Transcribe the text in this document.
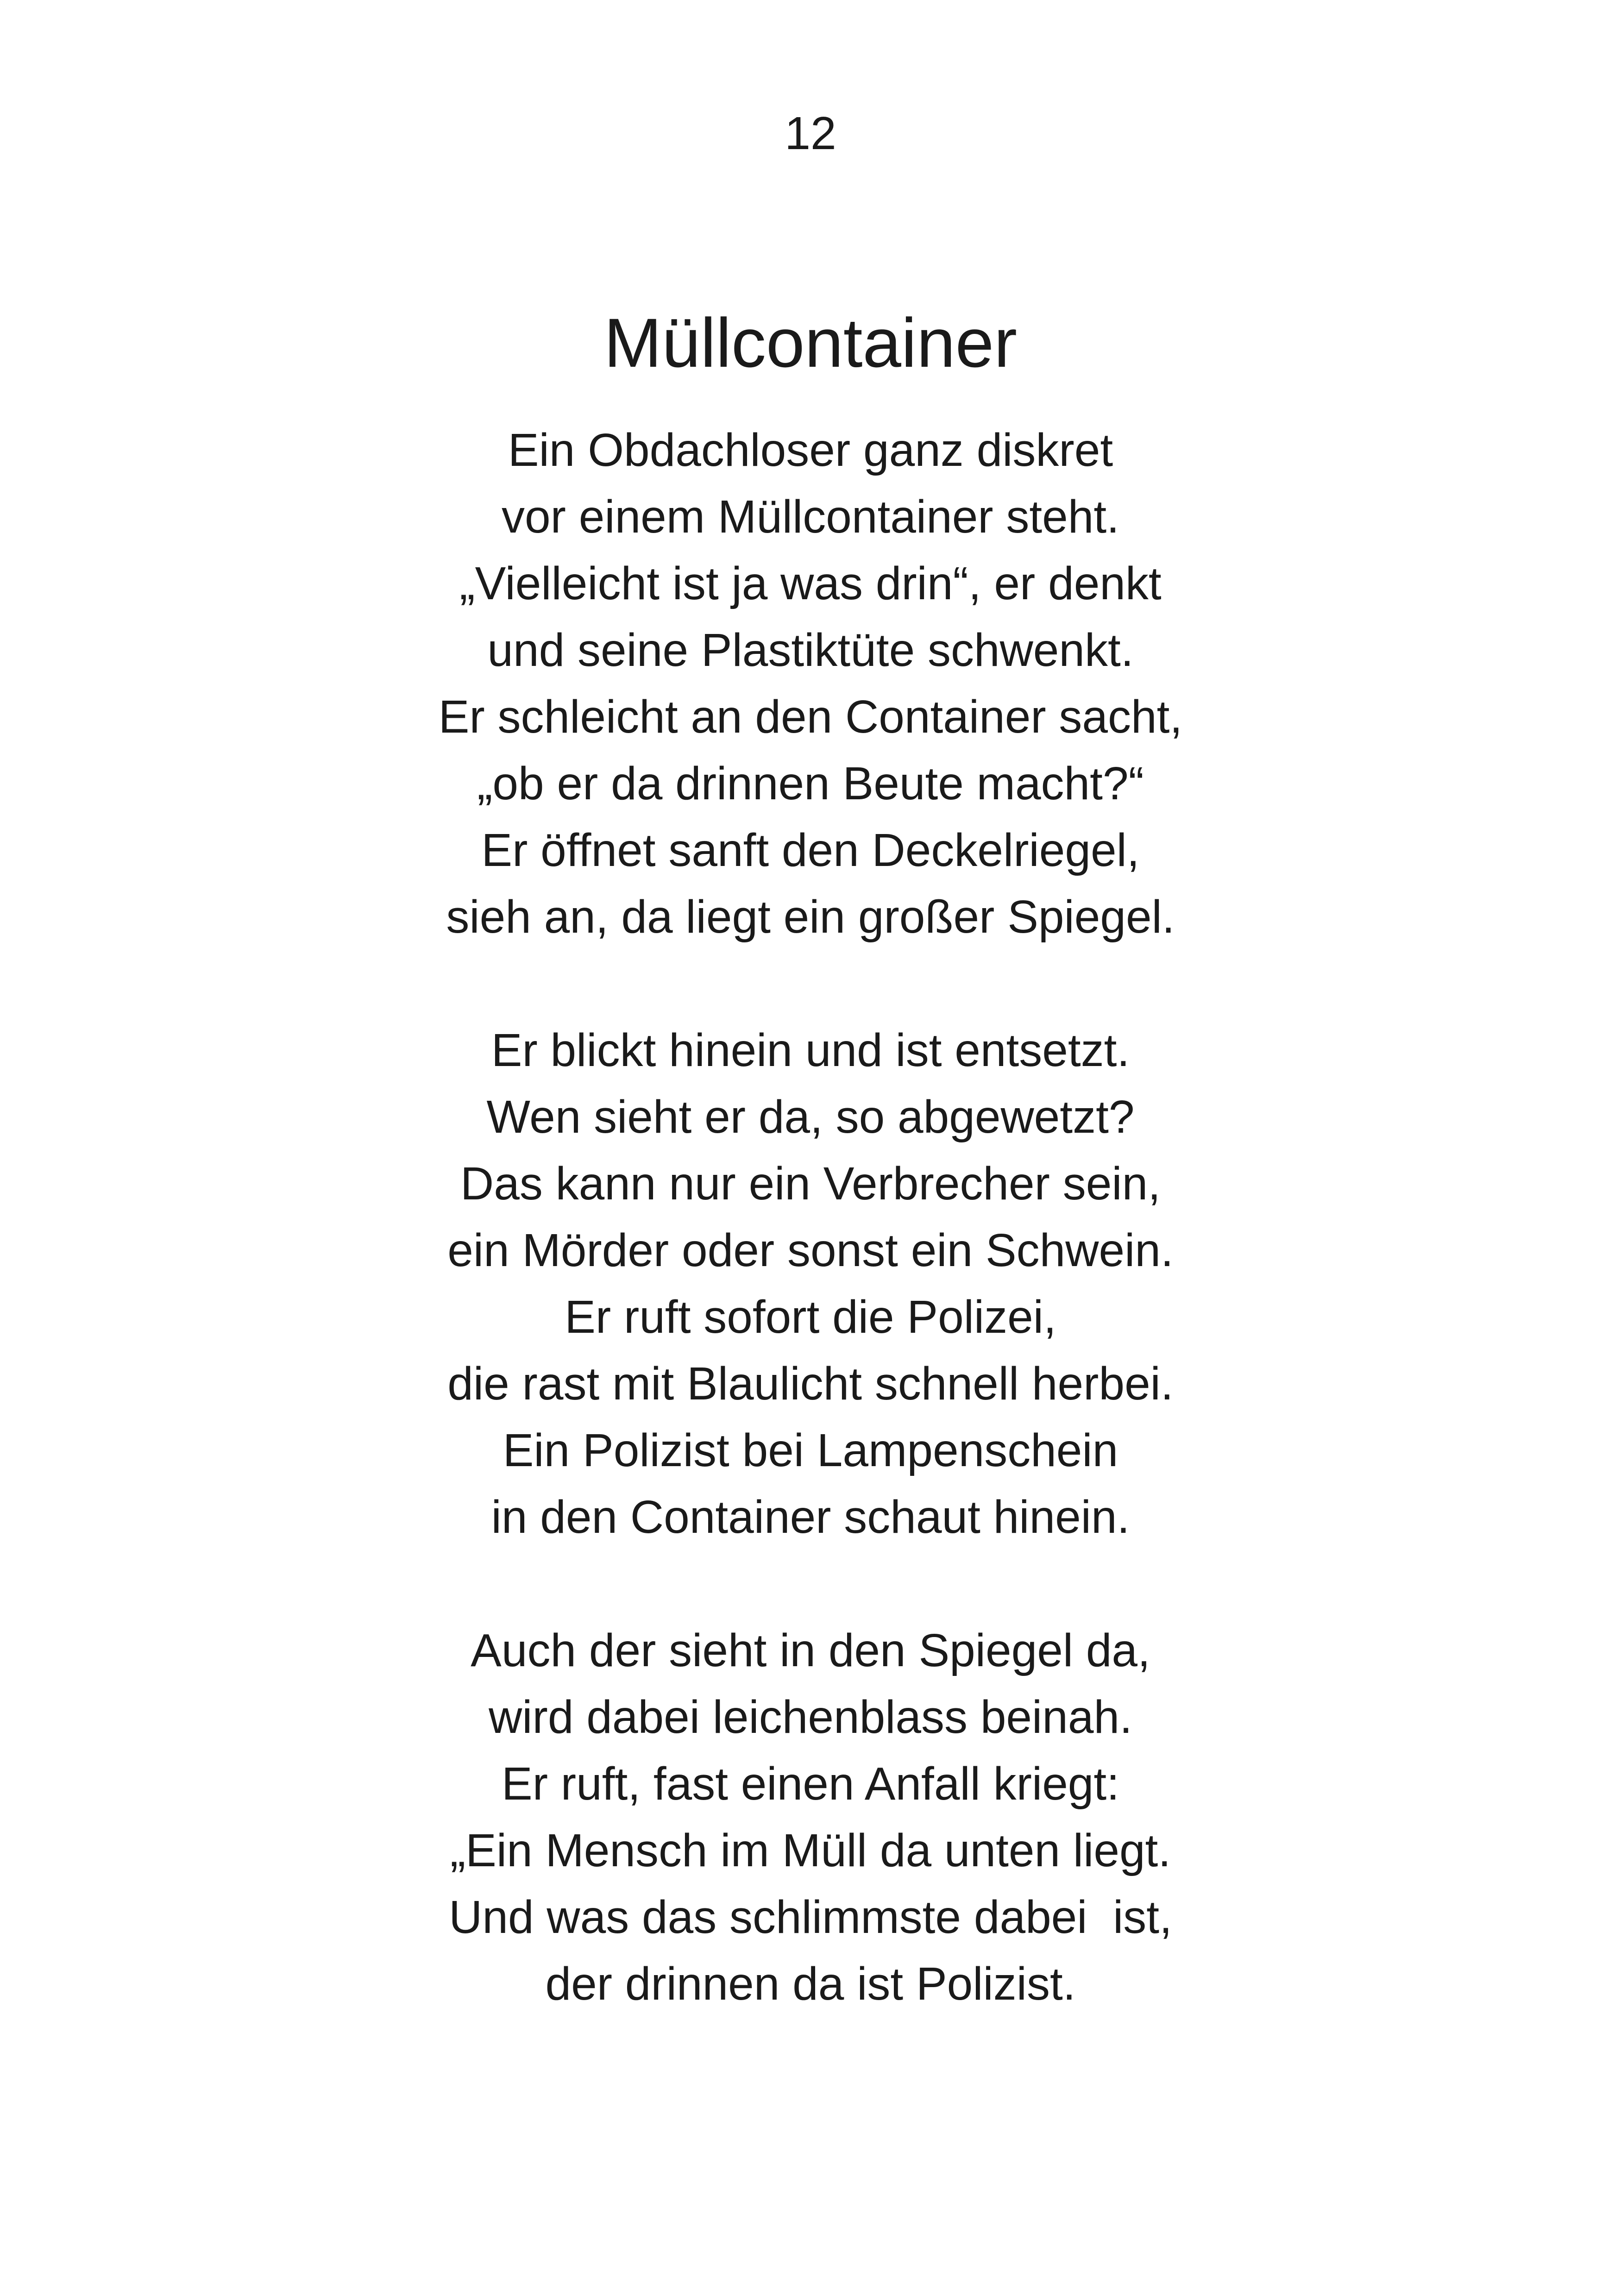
12
Müllcontainer
Ein Obdachloser ganz diskret
vor einem Müllcontainer steht.
„Vielleicht ist ja was drin“, er denkt
und seine Plastiktüte schwenkt.
Er schleicht an den Container sacht,
„ob er da drinnen Beute macht?“
Er öffnet sanft den Deckelriegel,
sieh an, da liegt ein großer Spiegel.
Er blickt hinein und ist entsetzt.
Wen sieht er da, so abgewetzt?
Das kann nur ein Verbrecher sein,
ein Mörder oder sonst ein Schwein.
Er ruft sofort die Polizei,
die rast mit Blaulicht schnell herbei.
Ein Polizist bei Lampenschein
in den Container schaut hinein.
Auch der sieht in den Spiegel da,
wird dabei leichenblass beinah.
Er ruft, fast einen Anfall kriegt:
„Ein Mensch im Müll da unten liegt.
Und was das schlimmste dabei  ist,
der drinnen da ist Polizist.
